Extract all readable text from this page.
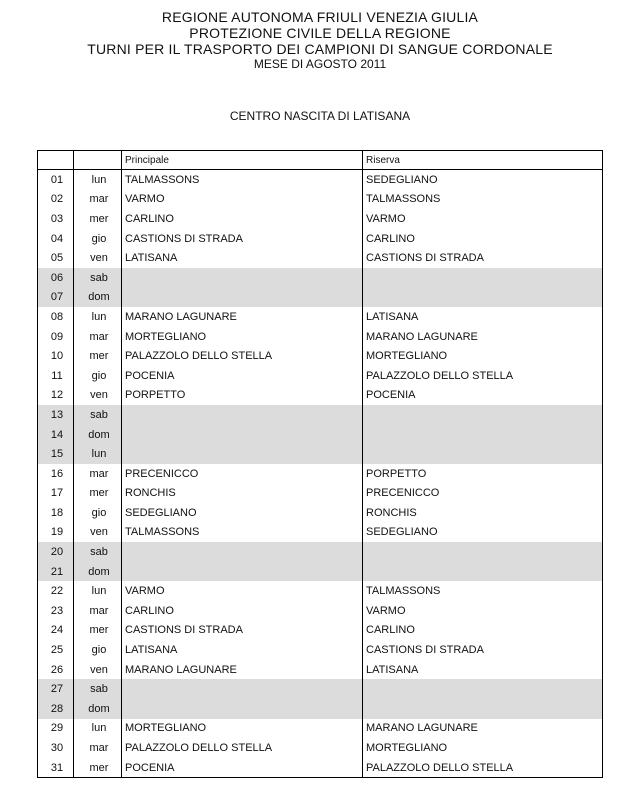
REGIONE AUTONOMA FRIULI VENEZIA GIULIA
PROTEZIONE CIVILE DELLA REGIONE
TURNI PER IL TRASPORTO DEI CAMPIONI DI SANGUE CORDONALE
MESE DI AGOSTO 2011
CENTRO NASCITA DI LATISANA
		Principale	Riserva
01	lun	TALMASSONS	SEDEGLIANO
02	mar	VARMO	TALMASSONS
03	mer	CARLINO	VARMO
04	gio	CASTIONS DI STRADA	CARLINO
05	ven	LATISANA	CASTIONS DI STRADA
06	sab		
07	dom		
08	lun	MARANO LAGUNARE	LATISANA
09	mar	MORTEGLIANO	MARANO LAGUNARE
10	mer	PALAZZOLO DELLO STELLA	MORTEGLIANO
11	gio	POCENIA	PALAZZOLO DELLO STELLA
12	ven	PORPETTO	POCENIA
13	sab		
14	dom		
15	lun		
16	mar	PRECENICCO	PORPETTO
17	mer	RONCHIS	PRECENICCO
18	gio	SEDEGLIANO	RONCHIS
19	ven	TALMASSONS	SEDEGLIANO
20	sab		
21	dom		
22	lun	VARMO	TALMASSONS
23	mar	CARLINO	VARMO
24	mer	CASTIONS DI STRADA	CARLINO
25	gio	LATISANA	CASTIONS DI STRADA
26	ven	MARANO LAGUNARE	LATISANA
27	sab		
28	dom		
29	lun	MORTEGLIANO	MARANO LAGUNARE
30	mar	PALAZZOLO DELLO STELLA	MORTEGLIANO
31	mer	POCENIA	PALAZZOLO DELLO STELLA
